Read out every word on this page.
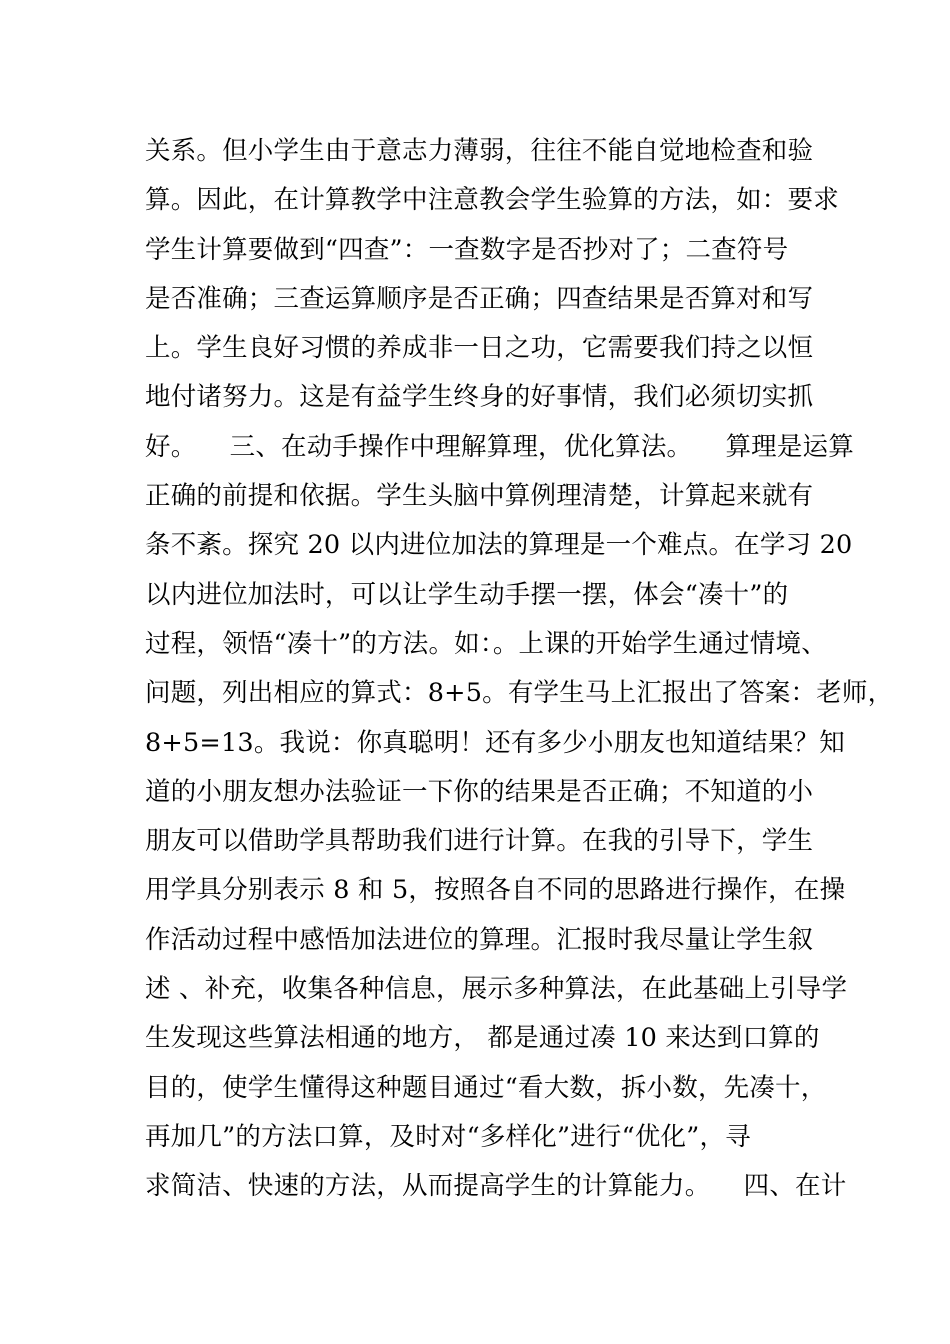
关系。但小学生由于意志力薄弱，往往不能自觉地检查和验
算。因此，在计算教学中注意教会学生验算的方法，如：要求
学生计算要做到“四查”：一查数字是否抄对了；二查符号
是否准确；三查运算顺序是否正确；四查结果是否算对和写
上。学生良好习惯的养成非一日之功，它需要我们持之以恒
地付诸努力。这是有益学生终身的好事情，我们必须切实抓
好。    三、在动手操作中理解算理，优化算法。    算理是运算
正确的前提和依据。学生头脑中算例理清楚，计算起来就有
条不紊。探究 20 以内进位加法的算理是一个难点。在学习 20
以内进位加法时，可以让学生动手摆一摆，体会“凑十”的
过程，领悟“凑十”的方法。如：。上课的开始学生通过情境、
问题，列出相应的算式：8+5。有学生马上汇报出了答案：老师，
8+5=13。我说：你真聪明！还有多少小朋友也知道结果？知
道的小朋友想办法验证一下你的结果是否正确；不知道的小
朋友可以借助学具帮助我们进行计算。在我的引导下，学生
用学具分别表示 8 和 5，按照各自不同的思路进行操作，在操
作活动过程中感悟加法进位的算理。汇报时我尽量让学生叙
述 、补充，收集各种信息，展示多种算法，在此基础上引导学
生发现这些算法相通的地方， 都是通过凑 10 来达到口算的
目的，使学生懂得这种题目通过“看大数，拆小数，先凑十，
再加几”的方法口算，及时对“多样化”进行“优化”，寻
求简洁、快速的方法，从而提高学生的计算能力。    四、在计
